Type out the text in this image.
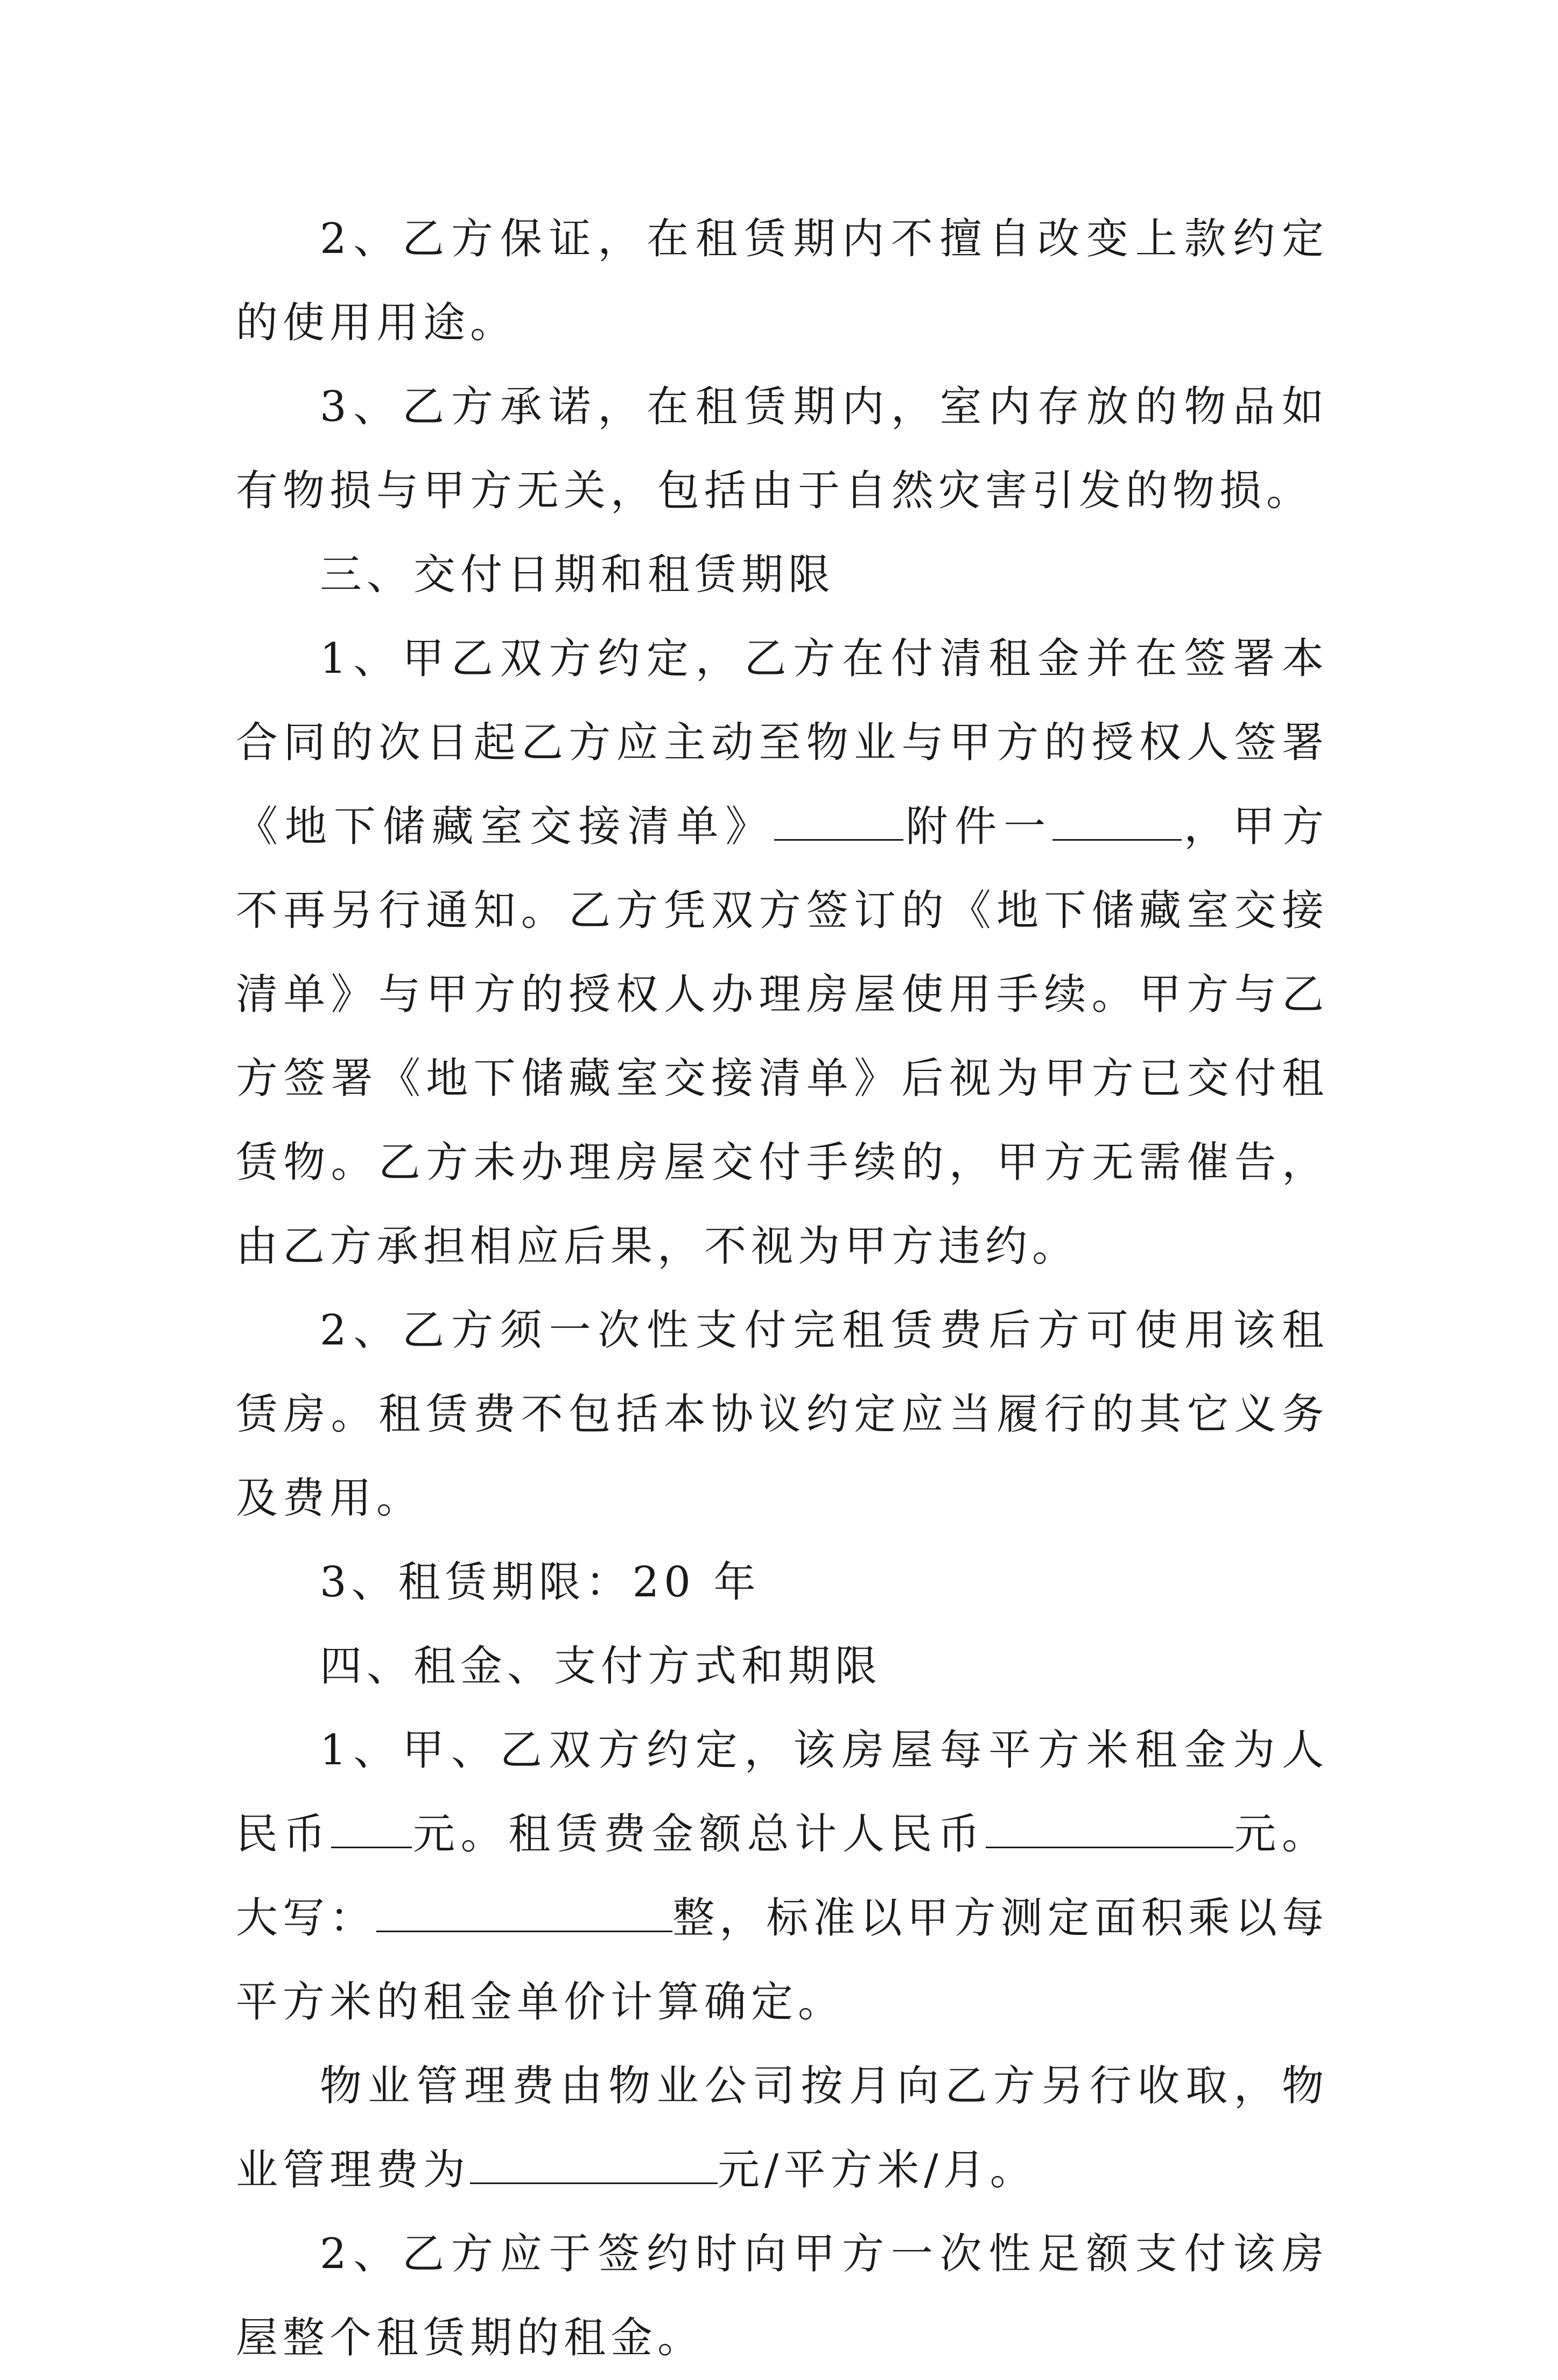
2、乙方保证，在租赁期内不擅自改变上款约定的使用用途。

3、乙方承诺，在租赁期内，室内存放的物品如有物损与甲方无关，包括由于自然灾害引发的物损。

三、交付日期和租赁期限

1、甲乙双方约定，乙方在付清租金并在签署本合同的次日起乙方应主动至物业与甲方的授权人签署《地下储藏室交接清单》	附件一	，甲方不再另行通知。乙方凭双方签订的《地下储藏室交接清单》与甲方的授权人办理房屋使用手续。甲方与乙方签署《地下储藏室交接清单》后视为甲方已交付租赁物。乙方未办理房屋交付手续的，甲方无需催告，由乙方承担相应后果，不视为甲方违约。

2、乙方须一次性支付完租赁费后方可使用该租赁房。租赁费不包括本协议约定应当履行的其它义务及费用。

3、租赁期限：20 年

四、租金、支付方式和期限

1、甲、乙双方约定，该房屋每平方米租金为人民币 元。租赁费金额总计人民币	元。大写：	整，标准以甲方测定面积乘以每平方米的租金单价计算确定。

物业管理费由物业公司按月向乙方另行收取，物业管理费为	元/平方米/月。

2、乙方应于签约时向甲方一次性足额支付该房屋整个租赁期的租金。
